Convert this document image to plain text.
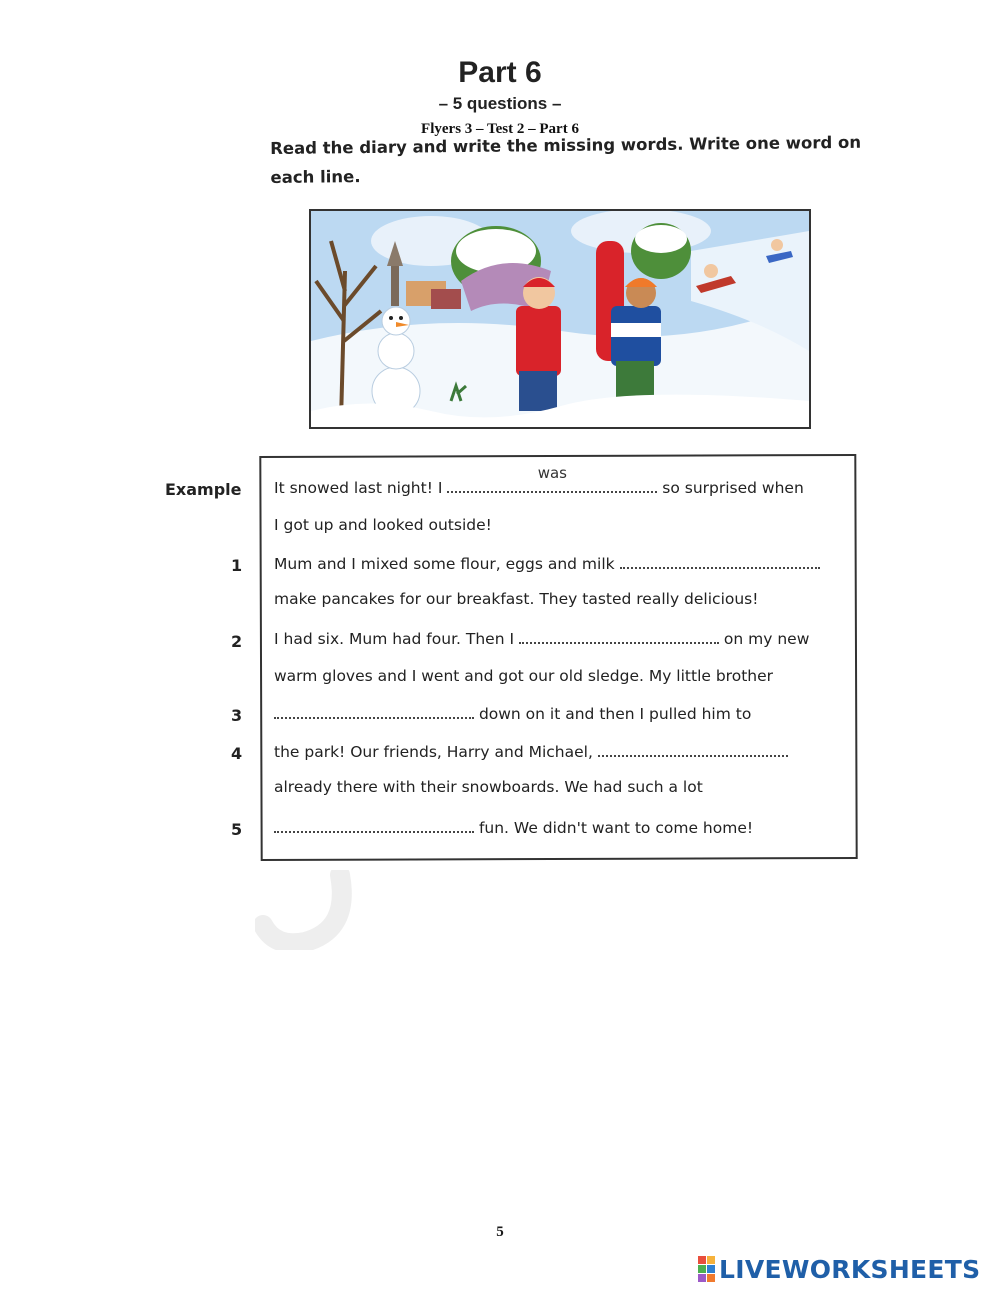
Part 6
– 5 questions –
Flyers 3 – Test 2 – Part 6
Read the diary and write the missing words. Write one word on each line.
Example It snowed last night! I
was
so surprised when
I got up and looked outside!
1 Mum and I mixed some flour, eggs and milk
make pancakes for our breakfast. They tasted really delicious!
2 I had six. Mum had four. Then I	on my new
warm gloves and I went and got our old sledge. My little brother
3	down on it and then I pulled him to
4 the park! Our friends, Harry and Michael,
already there with their snowboards. We had such a lot
5	fun. We didn't want to come home!
5
LIVEWORKSHEETS
